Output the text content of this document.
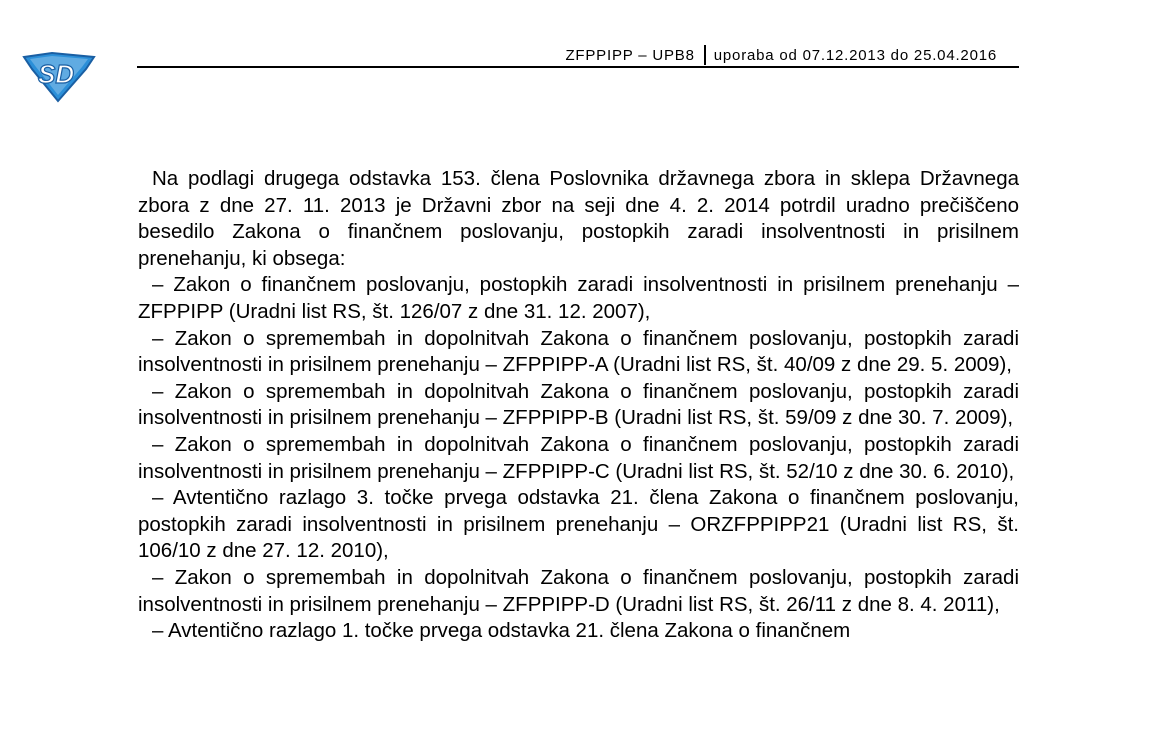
SD
ZFPPIPP – UPB8 uporaba od 07.12.2013 do 25.04.2016

Na podlagi drugega odstavka 153. člena Poslovnika državnega zbora in sklepa Državnega zbora z dne 27. 11. 2013 je Državni zbor na seji dne 4. 2. 2014 potrdil uradno prečiščeno besedilo Zakona o finančnem poslovanju, postopkih zaradi insolventnosti in prisilnem prenehanju, ki obsega:

– Zakon o finančnem poslovanju, postopkih zaradi insolventnosti in prisilnem prenehanju – ZFPPIPP (Uradni list RS, št. 126/07 z dne 31. 12. 2007),

– Zakon o spremembah in dopolnitvah Zakona o finančnem poslovanju, postopkih zaradi insolventnosti in prisilnem prenehanju – ZFPPIPP-A (Uradni list RS, št. 40/09 z dne 29. 5. 2009),

– Zakon o spremembah in dopolnitvah Zakona o finančnem poslovanju, postopkih zaradi insolventnosti in prisilnem prenehanju – ZFPPIPP-B (Uradni list RS, št. 59/09 z dne 30. 7. 2009),

– Zakon o spremembah in dopolnitvah Zakona o finančnem poslovanju, postopkih zaradi insolventnosti in prisilnem prenehanju – ZFPPIPP-C (Uradni list RS, št. 52/10 z dne 30. 6. 2010),

– Avtentično razlago 3. točke prvega odstavka 21. člena Zakona o finančnem poslovanju, postopkih zaradi insolventnosti in prisilnem prenehanju – ORZFPPIPP21 (Uradni list RS, št. 106/10 z dne 27. 12. 2010),

– Zakon o spremembah in dopolnitvah Zakona o finančnem poslovanju, postopkih zaradi insolventnosti in prisilnem prenehanju – ZFPPIPP-D (Uradni list RS, št. 26/11 z dne 8. 4. 2011),

– Avtentično razlago 1. točke prvega odstavka 21. člena Zakona o finančnem
